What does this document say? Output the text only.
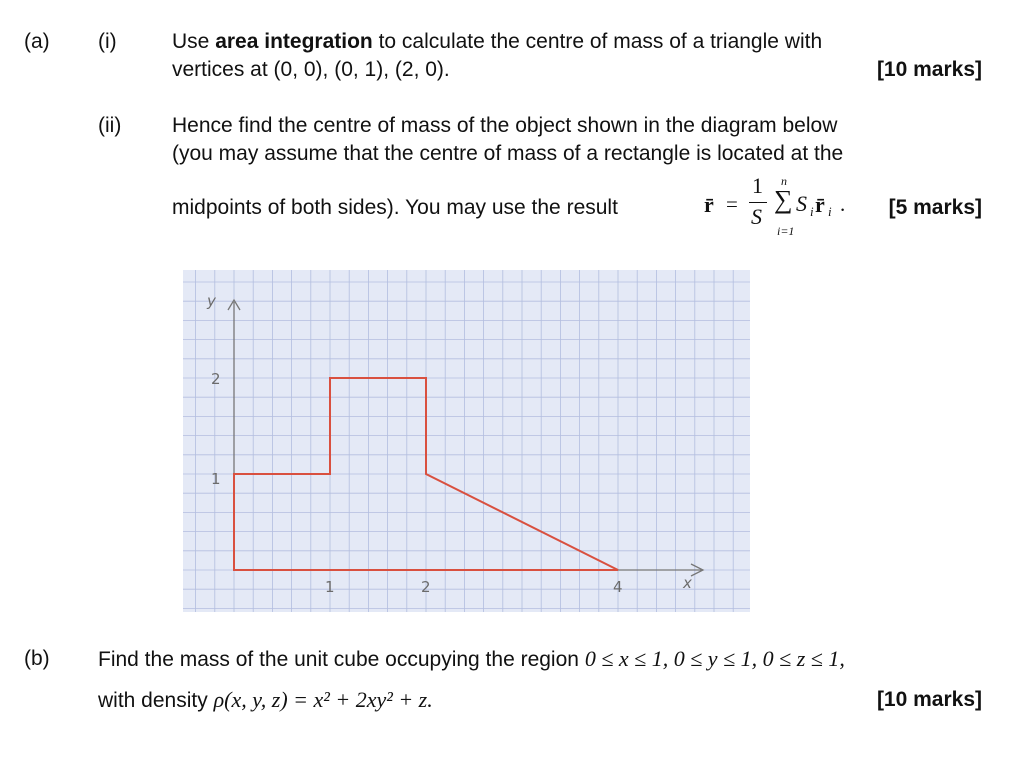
(a) (i)	Use area integration to calculate the centre of mass of a triangle with
vertices at (0, 0), (0, 1), (2, 0).	[10 marks]
(ii) Hence find the centre of mass of the object shown in the diagram below
(you may assume that the centre of mass of a rectangle is located at the
midpoints of both sides). You may use the result	r̄ =
1
S
n
∑
i=1
S i r̄ i . [5 marks]
y
x
2
1
1	2	4
(b) Find the mass of the unit cube occupying the region 0 ≤ x ≤ 1, 0 ≤ y ≤ 1, 0 ≤ z ≤ 1,
with density ρ(x, y, z) = x² + 2xy² + z.	[10 marks]
